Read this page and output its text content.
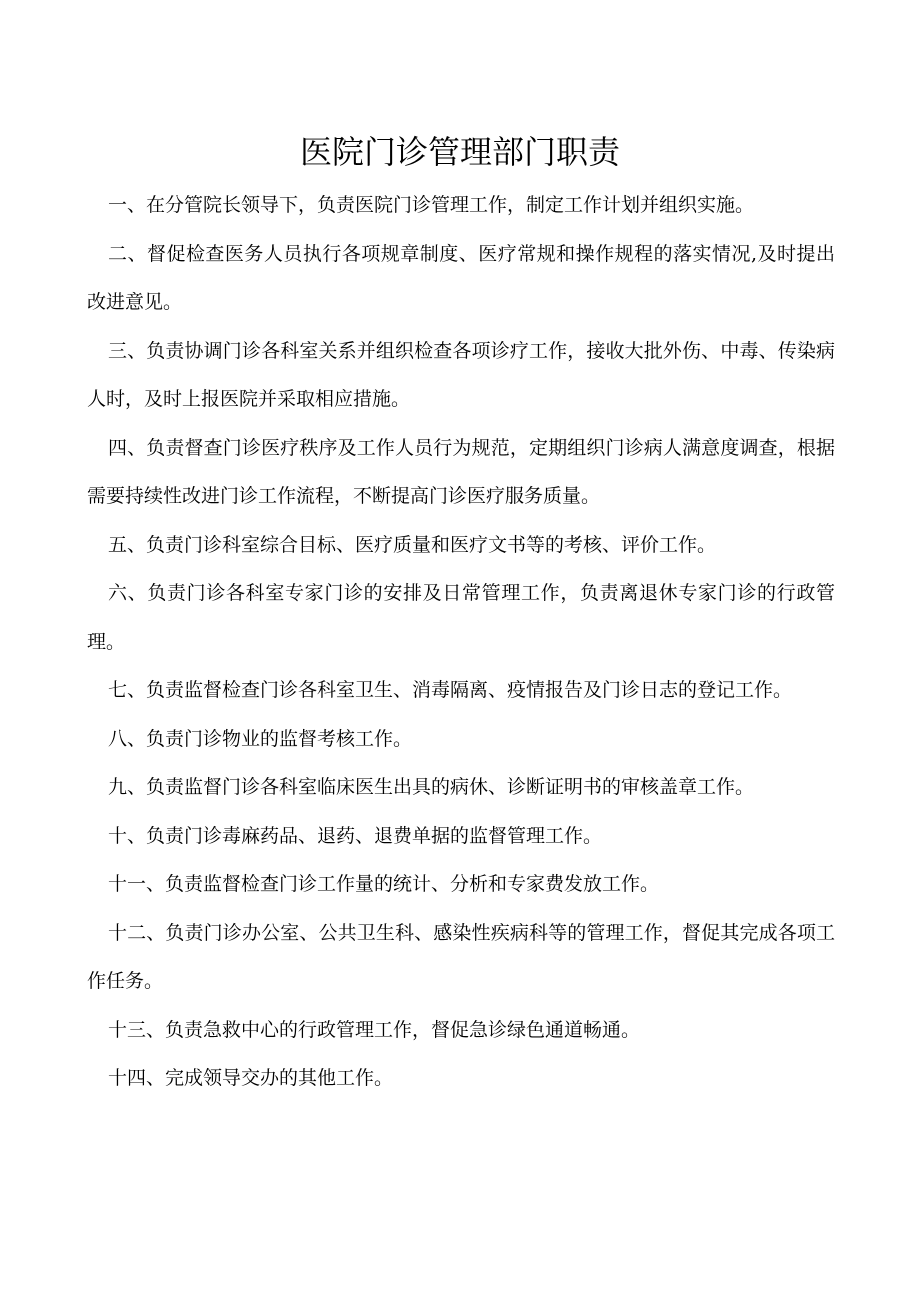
医院门诊管理部门职责

一、在分管院长领导下，负责医院门诊管理工作，制定工作计划并组织实施。

二、督促检查医务人员执行各项规章制度、医疗常规和操作规程的落实情况,及时提出改进意见。

三、负责协调门诊各科室关系并组织检查各项诊疗工作，接收大批外伤、中毒、传染病人时，及时上报医院并采取相应措施。

四、负责督查门诊医疗秩序及工作人员行为规范，定期组织门诊病人满意度调查，根据需要持续性改进门诊工作流程，不断提高门诊医疗服务质量。

五、负责门诊科室综合目标、医疗质量和医疗文书等的考核、评价工作。

六、负责门诊各科室专家门诊的安排及日常管理工作，负责离退休专家门诊的行政管理。

七、负责监督检查门诊各科室卫生、消毒隔离、疫情报告及门诊日志的登记工作。

八、负责门诊物业的监督考核工作。

九、负责监督门诊各科室临床医生出具的病休、诊断证明书的审核盖章工作。

十、负责门诊毒麻药品、退药、退费单据的监督管理工作。

十一、负责监督检查门诊工作量的统计、分析和专家费发放工作。

十二、负责门诊办公室、公共卫生科、感染性疾病科等的管理工作，督促其完成各项工作任务。

十三、负责急救中心的行政管理工作，督促急诊绿色通道畅通。

十四、完成领导交办的其他工作。
